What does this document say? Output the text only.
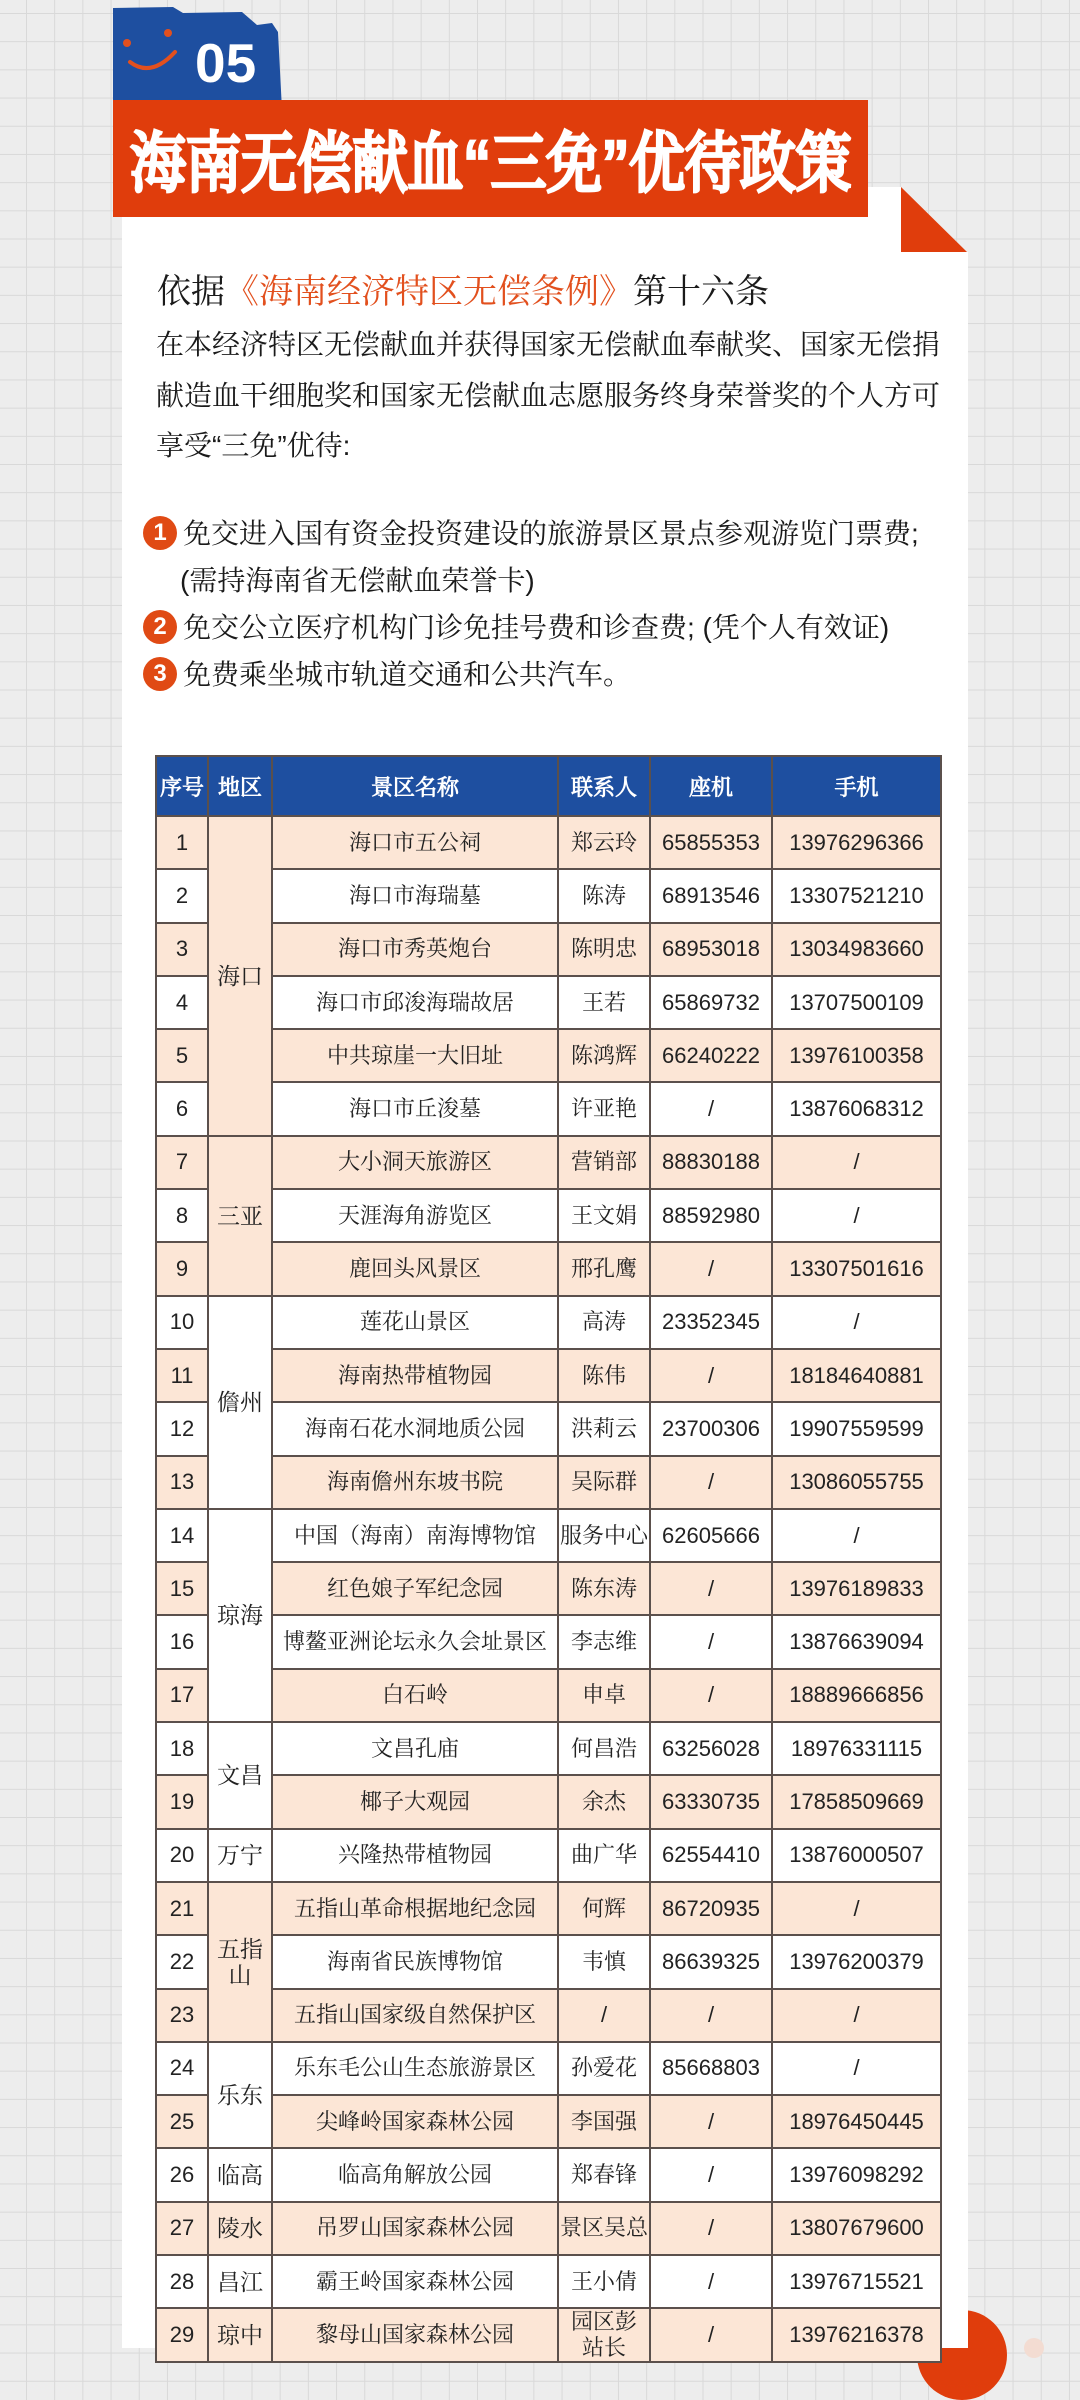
05
海南无偿献血“三免”优待政策
依据《海南经济特区无偿条例》第十六条
在本经济特区无偿献血并获得国家无偿献血奉献奖、国家无偿捐献造血干细胞奖和国家无偿献血志愿服务终身荣誉奖的个人方可享受“三免”优待:
1 免交进入国有资金投资建设的旅游景区景点参观游览门票费;
(需持海南省无偿献血荣誉卡)
2 免交公立医疗机构门诊免挂号费和诊查费; (凭个人有效证)
3 免费乘坐城市轨道交通和公共汽车。
序号	地区	景区名称	联系人	座机	手机
1	海口	海口市五公祠	郑云玲	65855353	13976296366
2		海口市海瑞墓	陈涛	68913546	13307521210
3		海口市秀英炮台	陈明忠	68953018	13034983660
4		海口市邱浚海瑞故居	王若	65869732	13707500109
5		中共琼崖一大旧址	陈鸿辉	66240222	13976100358
6		海口市丘浚墓	许亚艳	/	13876068312
7	三亚	大小洞天旅游区	营销部	88830188	/
8		天涯海角游览区	王文娟	88592980	/
9		鹿回头风景区	邢孔鹰	/	13307501616
10	儋州	莲花山景区	高涛	23352345	/
11		海南热带植物园	陈伟	/	18184640881
12		海南石花水洞地质公园	洪莉云	23700306	19907559599
13		海南儋州东坡书院	吴际群	/	13086055755
14	琼海	中国（海南）南海博物馆	服务中心	62605666	/
15		红色娘子军纪念园	陈东涛	/	13976189833
16		博鳌亚洲论坛永久会址景区	李志维	/	13876639094
17		白石岭	申卓	/	18889666856
18	文昌	文昌孔庙	何昌浩	63256028	18976331115
19		椰子大观园	余杰	63330735	17858509669
20	万宁	兴隆热带植物园	曲广华	62554410	13876000507
21	五指山	五指山革命根据地纪念园	何辉	86720935	/
22		海南省民族博物馆	韦慎	86639325	13976200379
23		五指山国家级自然保护区	/	/	/
24	乐东	乐东毛公山生态旅游景区	孙爱花	85668803	/
25		尖峰岭国家森林公园	李国强	/	18976450445
26	临高	临高角解放公园	郑春锋	/	13976098292
27	陵水	吊罗山国家森林公园	景区吴总	/	13807679600
28	昌江	霸王岭国家森林公园	王小倩	/	13976715521
29	琼中	黎母山国家森林公园	园区彭站长	/	13976216378
